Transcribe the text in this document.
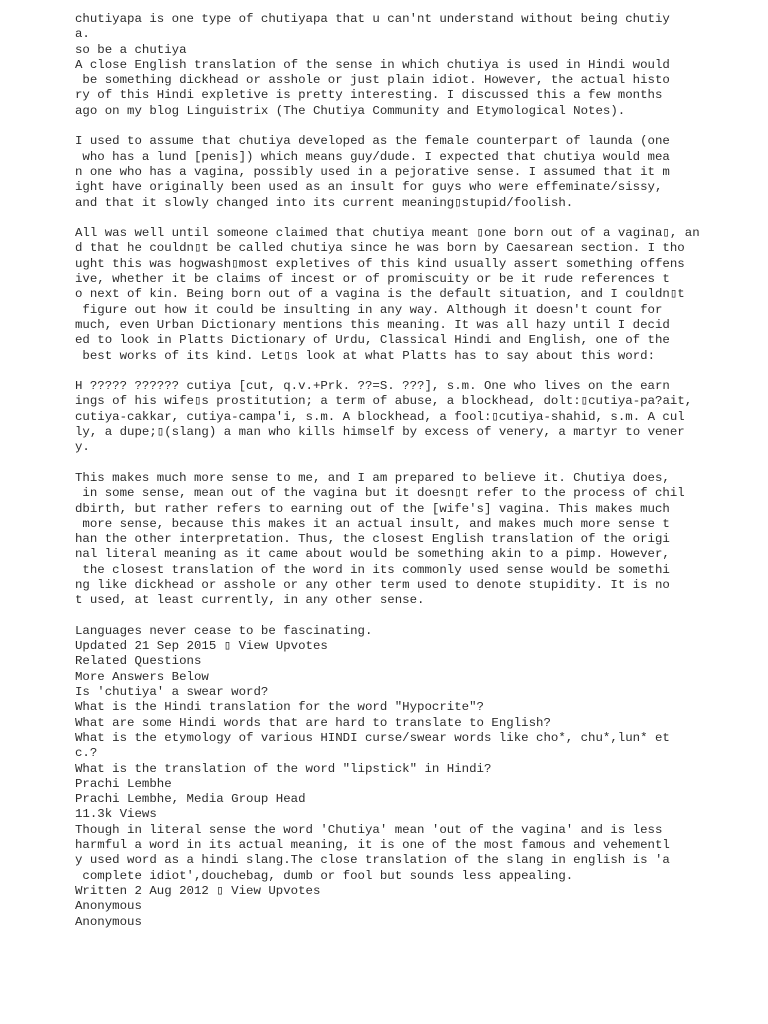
chutiyapa is one type of chutiyapa that u can'nt understand without being chutiy
a.
so be a chutiya
A close English translation of the sense in which chutiya is used in Hindi would
be something dickhead or asshole or just plain idiot. However, the actual histo
ry of this Hindi expletive is pretty interesting. I discussed this a few months
ago on my blog Linguistrix (The Chutiya Community and Etymological Notes).
I used to assume that chutiya developed as the female counterpart of launda (one
who has a lund [penis]) which means guy/dude. I expected that chutiya would mea
n one who has a vagina, possibly used in a pejorative sense. I assumed that it m
ight have originally been used as an insult for guys who were effeminate/sissy,
and that it slowly changed into its current meaning▯stupid/foolish.
All was well until someone claimed that chutiya meant ▯one born out of a vagina▯, an
d that he couldn▯t be called chutiya since he was born by Caesarean section. I tho
ught this was hogwash▯most expletives of this kind usually assert something offens
ive, whether it be claims of incest or of promiscuity or be it rude references t
o next of kin. Being born out of a vagina is the default situation, and I couldn▯t
figure out how it could be insulting in any way. Although it doesn't count for
much, even Urban Dictionary mentions this meaning. It was all hazy until I decid
ed to look in Platts Dictionary of Urdu, Classical Hindi and English, one of the
best works of its kind. Let▯s look at what Platts has to say about this word:
H ????? ?????? cutiya [cut, q.v.+Prk. ??=S. ???], s.m. One who lives on the earn
ings of his wife▯s prostitution; a term of abuse, a blockhead, dolt:▯cutiya-pa?ait,
cutiya-cakkar, cutiya-campa'i, s.m. A blockhead, a fool:▯cutiya-shahid, s.m. A cul
ly, a dupe;▯(slang) a man who kills himself by excess of venery, a martyr to vener
y.
This makes much more sense to me, and I am prepared to believe it. Chutiya does,
in some sense, mean out of the vagina but it doesn▯t refer to the process of chil
dbirth, but rather refers to earning out of the [wife's] vagina. This makes much
more sense, because this makes it an actual insult, and makes much more sense t
han the other interpretation. Thus, the closest English translation of the origi
nal literal meaning as it came about would be something akin to a pimp. However,
the closest translation of the word in its commonly used sense would be somethi
ng like dickhead or asshole or any other term used to denote stupidity. It is no
t used, at least currently, in any other sense.
Languages never cease to be fascinating.
Updated 21 Sep 2015 ▯ View Upvotes
Related Questions
More Answers Below
Is 'chutiya' a swear word?
What is the Hindi translation for the word "Hypocrite"?
What are some Hindi words that are hard to translate to English?
What is the etymology of various HINDI curse/swear words like cho*, chu*,lun* et
c.?
What is the translation of the word "lipstick" in Hindi?
Prachi Lembhe
Prachi Lembhe, Media Group Head
11.3k Views
Though in literal sense the word 'Chutiya' mean 'out of the vagina' and is less
harmful a word in its actual meaning, it is one of the most famous and vehementl
y used word as a hindi slang.The close translation of the slang in english is 'a
complete idiot',douchebag, dumb or fool but sounds less appealing.
Written 2 Aug 2012 ▯ View Upvotes
Anonymous
Anonymous
